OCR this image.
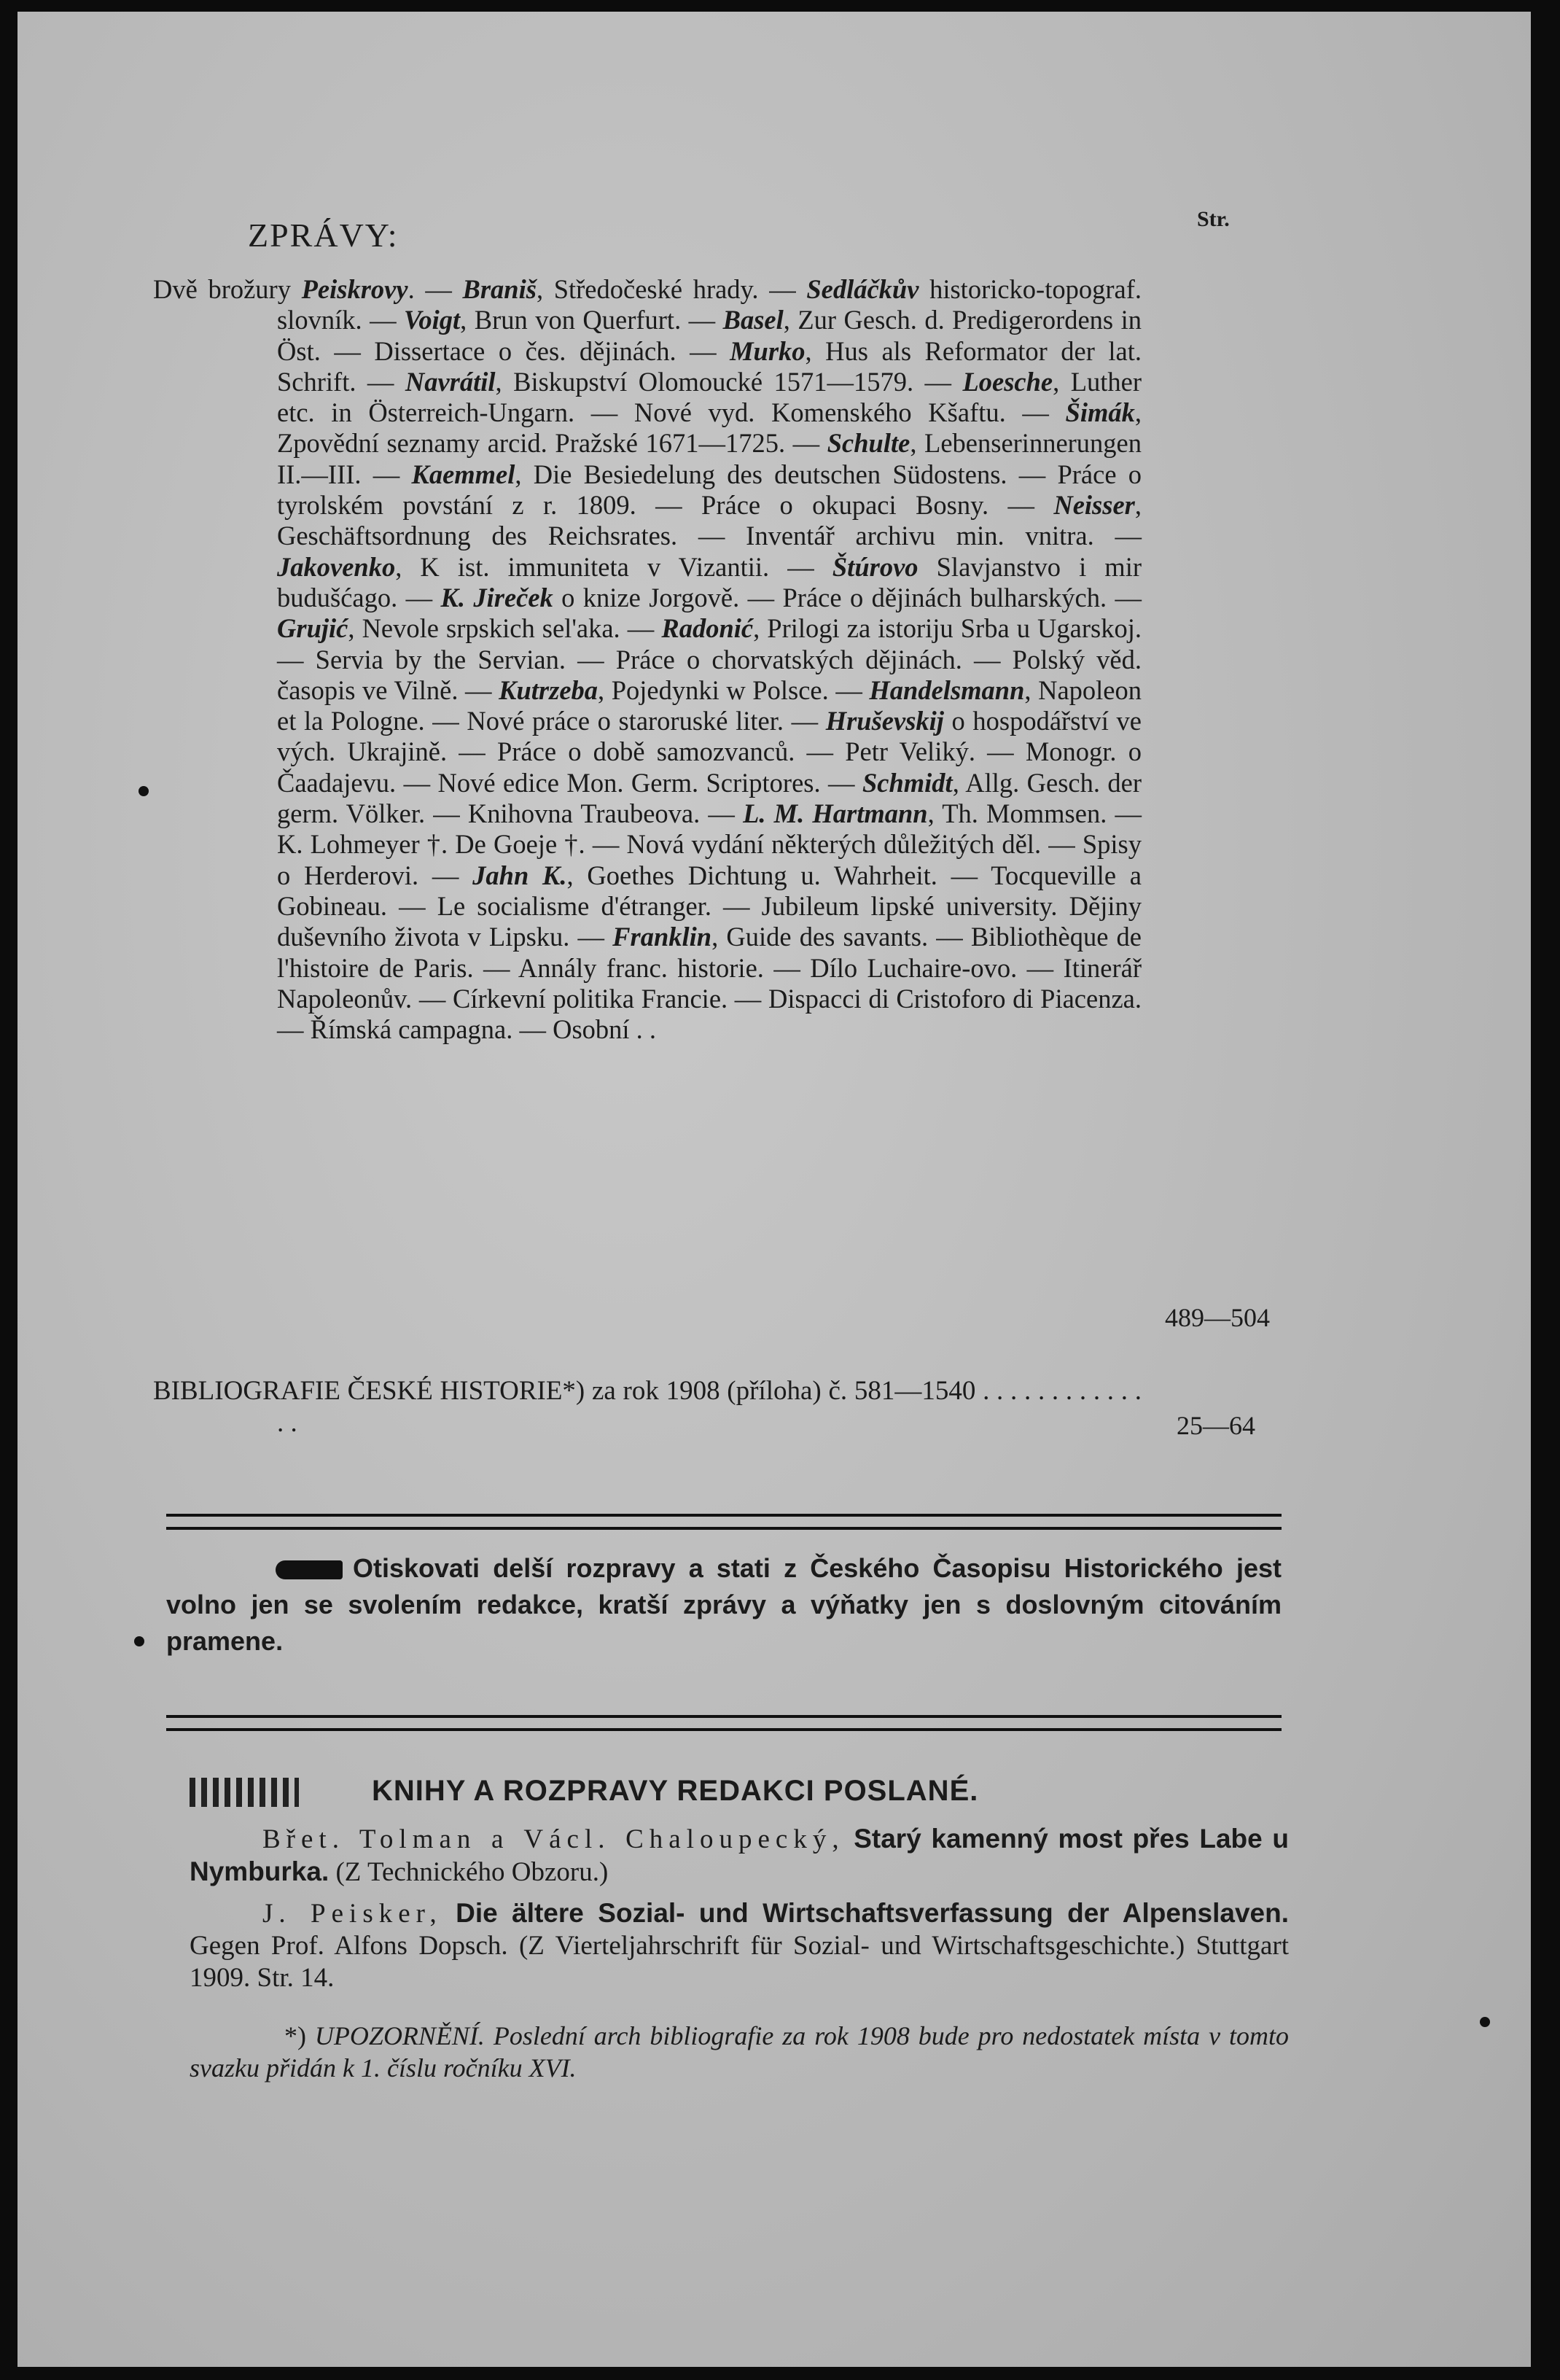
ZPRÁVY:	Str.
Dvě brožury Peiskrovy. — Braniš, Středočeské hrady. — Sedláčkův historicko-topograf. slovník. — Voigt, Brun von Querfurt. — Basel, Zur Gesch. d. Predigerordens in Öst. — Dissertace o čes. dějinách. — Murko, Hus als Reformator der lat. Schrift. — Navrátil, Biskupství Olomoucké 1571—1579. — Loesche, Luther etc. in Österreich-Ungarn. — Nové vyd. Komenského Kšaftu. — Šimák, Zpovědní seznamy arcid. Pražské 1671—1725. — Schulte, Lebenserinnerungen II.—III. — Kaemmel, Die Besiedelung des deutschen Südostens. — Práce o tyrolském povstání z r. 1809. — Práce o okupaci Bosny. — Neisser, Geschäftsordnung des Reichsrates. — Inventář archivu min. vnitra. — Jakovenko, K ist. immuniteta v Vizantii. — Štúrovo Slavjanstvo i mir budušćago. — K. Jireček o knize Jorgově. — Práce o dějinách bulharských. — Grujić, Nevole srpskich sel'aka. — Radonić, Prilogi za istoriju Srba u Ugarskoj. — Servia by the Servian. — Práce o chorvatských dějinách. — Polský věd. časopis ve Vilně. — Kutrzeba, Pojedynki w Polsce. — Handelsmann, Napoleon et la Pologne. — Nové práce o staroruské liter. — Hruševskij o hospodářství ve vých. Ukrajině. — Práce o době samozvanců. — Petr Veliký. — Monogr. o Čaadajevu. — Nové edice Mon. Germ. Scriptores. — Schmidt, Allg. Gesch. der germ. Völker. — Knihovna Traubeova. — L. M. Hartmann, Th. Mommsen. — K. Lohmeyer †. De Goeje †. — Nová vydání některých důležitých děl. — Spisy o Herderovi. — Jahn K., Goethes Dichtung u. Wahrheit. — Tocqueville a Gobineau. — Le socialisme d'étranger. — Jubileum lipské university. Dějiny duševního života v Lipsku. — Franklin, Guide des savants. — Bibliothèque de l'histoire de Paris. — Annály franc. historie. — Dílo Luchaire-ovo. — Itinerář Napoleonův. — Církevní politika Francie. — Dispacci di Cristoforo di Piacenza. — Římská campagna. — Osobní . .
489—504
BIBLIOGRAFIE ČESKÉ HISTORIE*) za rok 1908 (příloha) č. 581—1540 . . . . . . . . . . . . . .	25—64
Otiskovati delší rozpravy a stati z Českého Časopisu Historického jest volno jen se svolením redakce, kratší zprávy a výňatky jen s doslovným citováním pramene.
KNIHY A ROZPRAVY REDAKCI POSLANÉ.
Břet. Tolman a Václ. Chaloupecký, Starý kamenný most přes Labe u Nymburka. (Z Technického Obzoru.)
J. Peisker, Die ältere Sozial- und Wirtschaftsverfassung der Alpenslaven. Gegen Prof. Alfons Dopsch. (Z Vierteljahrschrift für Sozial- und Wirtschaftsgeschichte.) Stuttgart 1909. Str. 14.
*) UPOZORNĚNÍ. Poslední arch bibliografie za rok 1908 bude pro nedostatek místa v tomto svazku přidán k 1. číslu ročníku XVI.
